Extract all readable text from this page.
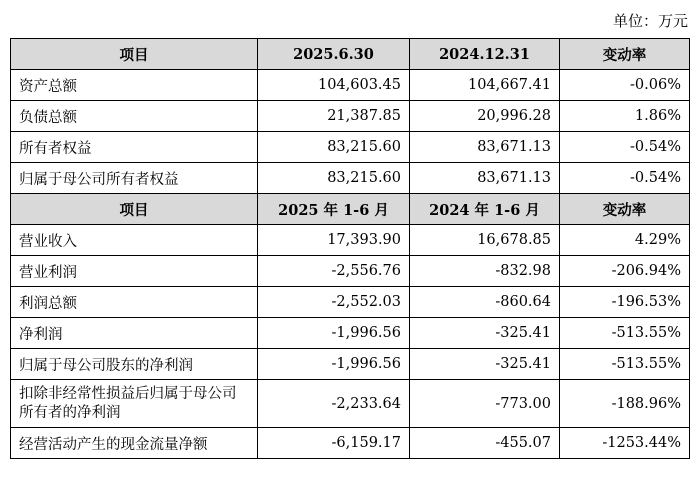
单位：万元
项目	2025.6.30	2024.12.31	变动率
资产总额	104,603.45	104,667.41	-0.06%
负债总额	21,387.85	20,996.28	1.86%
所有者权益	83,215.60	83,671.13	-0.54%
归属于母公司所有者权益	83,215.60	83,671.13	-0.54%
项目	2025 年 1-6 月	2024 年 1-6 月	变动率
营业收入	17,393.90	16,678.85	4.29%
营业利润	-2,556.76	-832.98	-206.94%
利润总额	-2,552.03	-860.64	-196.53%
净利润	-1,996.56	-325.41	-513.55%
归属于母公司股东的净利润	-1,996.56	-325.41	-513.55%
扣除非经常性损益后归属于母公司所有者的净利润	-2,233.64	-773.00	-188.96%
经营活动产生的现金流量净额	-6,159.17	-455.07	-1253.44%
